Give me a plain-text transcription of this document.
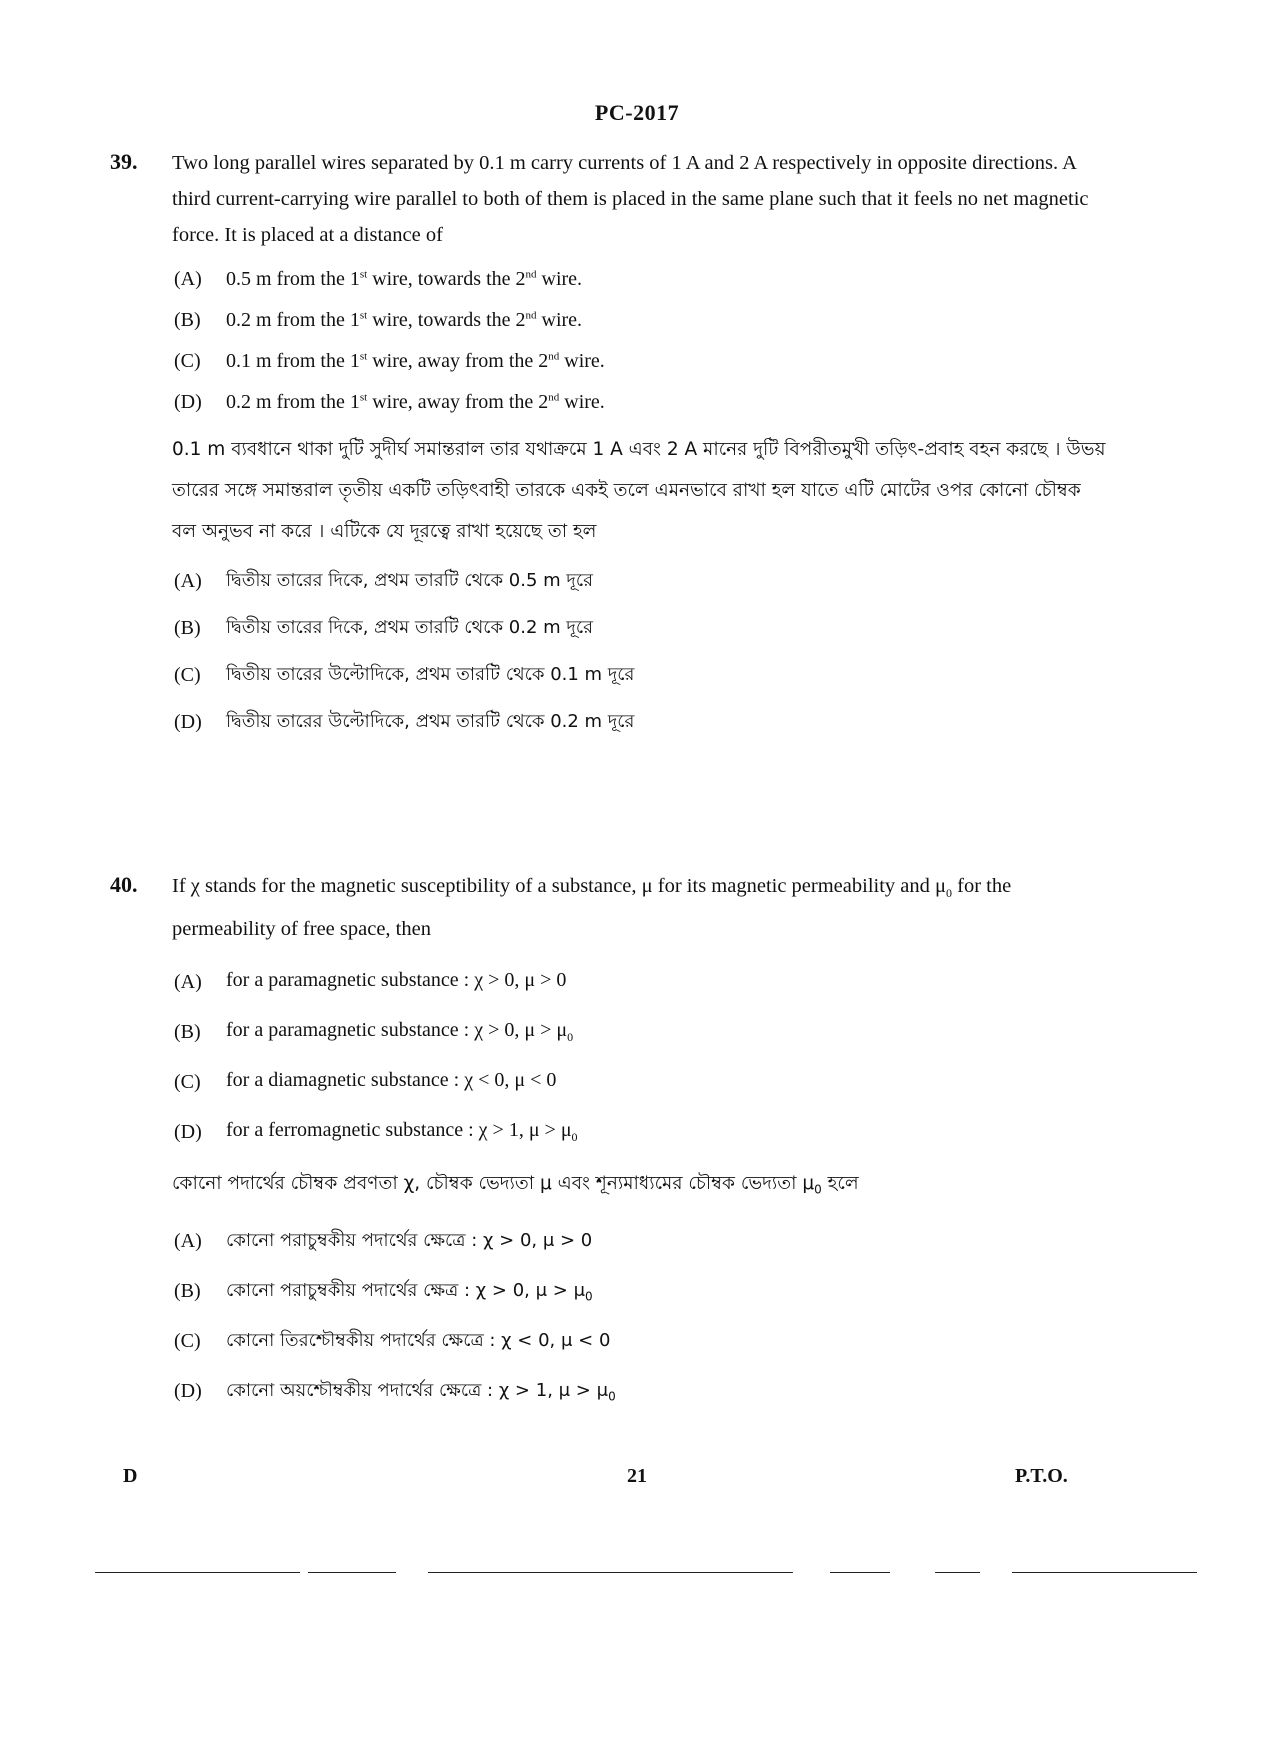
PC-2017
39. Two long parallel wires separated by 0.1 m carry currents of 1 A and 2 A respectively in opposite directions. A third current-carrying wire parallel to both of them is placed in the same plane such that it feels no net magnetic force. It is placed at a distance of
(A)	0.5 m from the 1st wire, towards the 2nd wire.
(B)	0.2 m from the 1st wire, towards the 2nd wire.
(C)	0.1 m from the 1st wire, away from the 2nd wire.
(D)	0.2 m from the 1st wire, away from the 2nd wire.
0.1 m ব্যবধানে থাকা দুটি সুদীর্ঘ সমান্তরাল তার যথাক্রমে 1 A এবং 2 A মানের দুটি বিপরীতমুখী তড়িৎ-প্রবাহ বহন করছে । উভয় তারের সঙ্গে সমান্তরাল তৃতীয় একটি তড়িৎবাহী তারকে একই তলে এমনভাবে রাখা হল যাতে এটি মোটের ওপর কোনো চৌম্বক বল অনুভব না করে । এটিকে যে দূরত্বে রাখা হয়েছে তা হল
(A)	দ্বিতীয় তারের দিকে, প্রথম তারটি থেকে 0.5 m দূরে
(B)	দ্বিতীয় তারের দিকে, প্রথম তারটি থেকে 0.2 m দূরে
(C)	দ্বিতীয় তারের উল্টোদিকে, প্রথম তারটি থেকে 0.1 m দূরে
(D)	দ্বিতীয় তারের উল্টোদিকে, প্রথম তারটি থেকে 0.2 m দূরে
40. If χ stands for the magnetic susceptibility of a substance, μ for its magnetic permeability and $\mu_0$ for the permeability of free space, then
(A)	for a paramagnetic substance : χ > 0, μ > 0
(B)	for a paramagnetic substance : χ > 0, $\mu > \mu_0$
(C)	for a diamagnetic substance : χ < 0, μ < 0
(D)	for a ferromagnetic substance : χ > 1, $\mu > \mu_0$
কোনো পদার্থের চৌম্বক প্রবণতা χ, চৌম্বক ভেদ্যতা μ এবং শূন্যমাধ্যমের চৌম্বক ভেদ্যতা $\mu_0$ হলে
(A)	কোনো পরাচুম্বকীয় পদার্থের ক্ষেত্রে : χ > 0, μ > 0
(B)	কোনো পরাচুম্বকীয় পদার্থের ক্ষেত্র : χ > 0, $\mu > \mu_0$
(C)	কোনো তিরশ্চৌম্বকীয় পদার্থের ক্ষেত্রে : χ < 0, μ < 0
(D)	কোনো অয়শ্চৌম্বকীয় পদার্থের ক্ষেত্রে : χ > 1, $\mu > \mu_0$
21
D	P.T.O.
